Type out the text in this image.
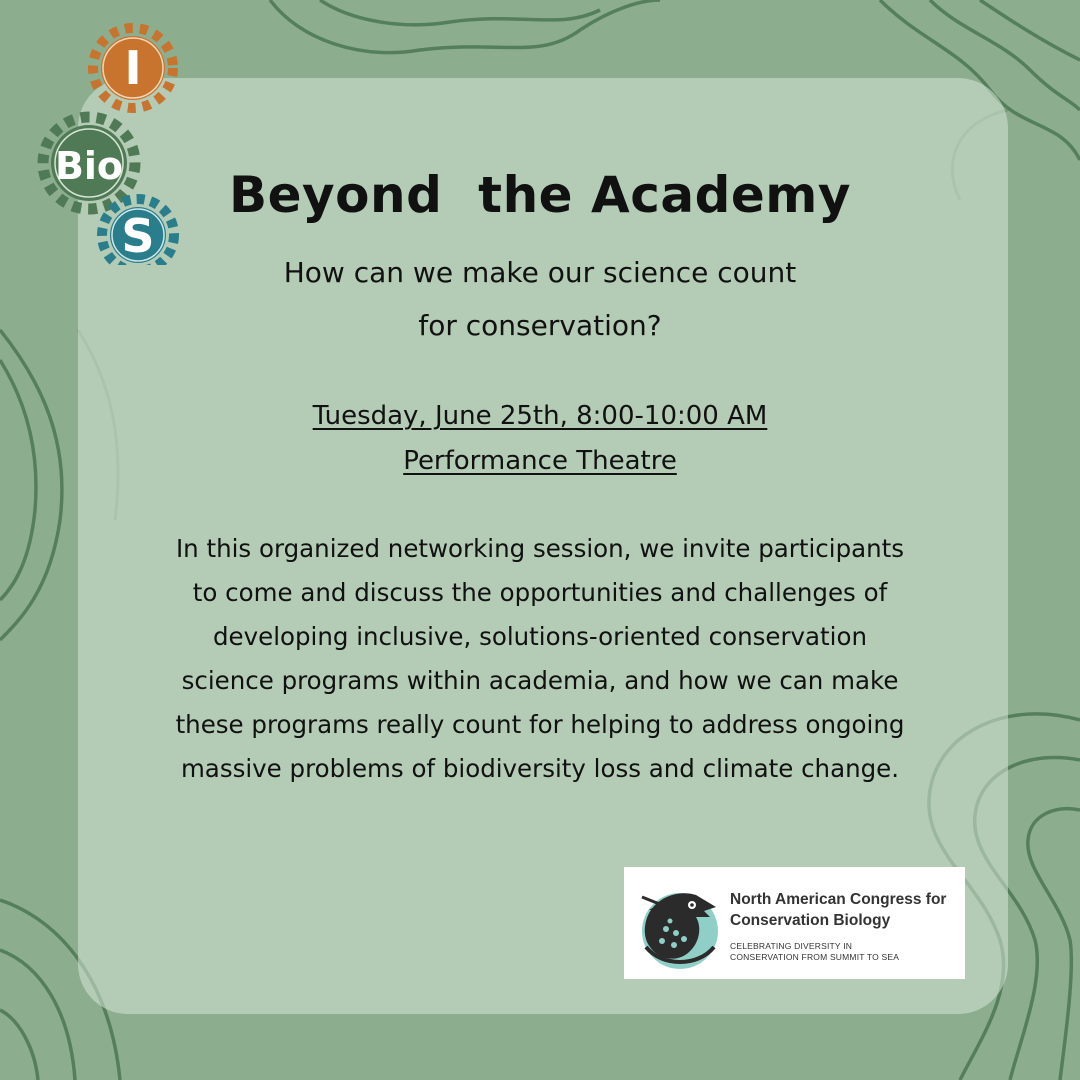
I
Bio
S
Beyond  the Academy

How can we make our science count
for conservation?

Tuesday, June 25th, 8:00-10:00 AM
Performance Theatre
In this organized networking session, we invite participants
to come and discuss the opportunities and challenges of
developing inclusive, solutions-oriented conservation
science programs within academia, and how we can make
these programs really count for helping to address ongoing
massive problems of biodiversity loss and climate change.
North American Congress for
Conservation Biology
CELEBRATING DIVERSITY IN
CONSERVATION FROM SUMMIT TO SEA
